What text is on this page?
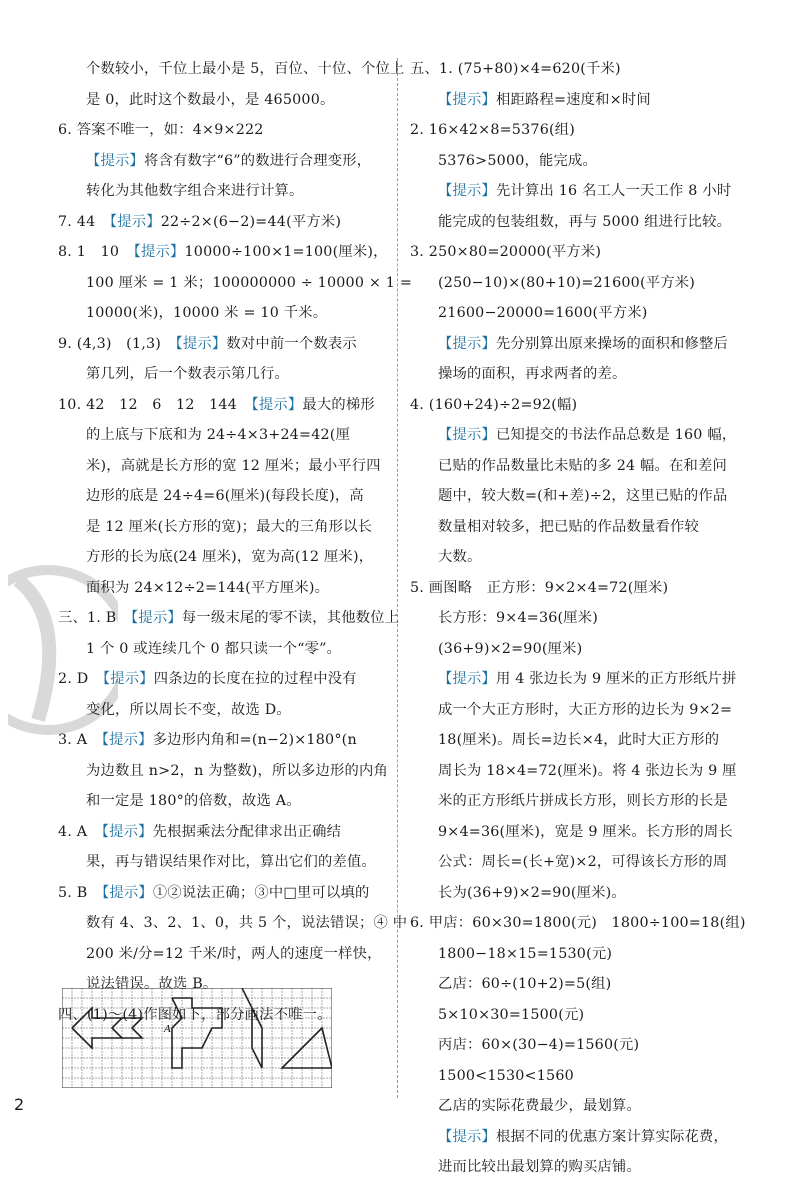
个数较小，千位上最小是 5，百位、十位、个位上
是 0，此时这个数最小，是 465000。
6. 答案不唯一，如：4×9×222
【提示】将含有数字“6”的数进行合理变形，
转化为其他数字组合来进行计算。
7. 44　【提示】22÷2×(6−2)=44(平方米)
8. 1　10　【提示】10000÷100×1=100(厘米)，
100 厘米 = 1 米；100000000 ÷ 10000 × 1 =
10000(米)，10000 米 = 10 千米。
9. (4,3)　(1,3)　【提示】数对中前一个数表示
第几列，后一个数表示第几行。
10. 42　12　6　12　144　【提示】最大的梯形
的上底与下底和为 24÷4×3+24=42(厘
米)，高就是长方形的宽 12 厘米；最小平行四
边形的底是 24÷4=6(厘米)(每段长度)，高
是 12 厘米(长方形的宽)；最大的三角形以长
方形的长为底(24 厘米)，宽为高(12 厘米)，
面积为 24×12÷2=144(平方厘米)。
三、1. B　【提示】每一级末尾的零不读，其他数位上
1 个 0 或连续几个 0 都只读一个“零”。
2. D　【提示】四条边的长度在拉的过程中没有
变化，所以周长不变，故选 D。
3. A　【提示】多边形内角和=(n−2)×180°(n
为边数且 n>2，n 为整数)，所以多边形的内角
和一定是 180°的倍数，故选 A。
4. A　【提示】先根据乘法分配律求出正确结
果，再与错误结果作对比，算出它们的差值。
5. B　【提示】①②说法正确；③中□里可以填的
数有 4、3、2、1、0，共 5 个，说法错误；④ 中
200 米/分=12 千米/时，两人的速度一样快，
说法错误。故选 B。
四、(1)～(4)作图如下，部分画法不唯一。
五、1. (75+80)×4=620(千米)
【提示】相距路程=速度和×时间
2. 16×42×8=5376(组)
5376>5000，能完成。
【提示】先计算出 16 名工人一天工作 8 小时
能完成的包装组数，再与 5000 组进行比较。
3. 250×80=20000(平方米)
(250−10)×(80+10)=21600(平方米)
21600−20000=1600(平方米)
【提示】先分别算出原来操场的面积和修整后
操场的面积，再求两者的差。
4. (160+24)÷2=92(幅)
【提示】已知提交的书法作品总数是 160 幅，
已贴的作品数量比未贴的多 24 幅。在和差问
题中，较大数=(和+差)÷2，这里已贴的作品
数量相对较多，把已贴的作品数量看作较
大数。
5. 画图略　正方形：9×2×4=72(厘米)
长方形：9×4=36(厘米)
(36+9)×2=90(厘米)
【提示】用 4 张边长为 9 厘米的正方形纸片拼
成一个大正方形时，大正方形的边长为 9×2=
18(厘米)。周长=边长×4，此时大正方形的
周长为 18×4=72(厘米)。将 4 张边长为 9 厘
米的正方形纸片拼成长方形，则长方形的长是
9×4=36(厘米)，宽是 9 厘米。长方形的周长
公式：周长=(长+宽)×2，可得该长方形的周
长为(36+9)×2=90(厘米)。
6. 甲店：60×30=1800(元)　1800÷100=18(组)
1800−18×15=1530(元)
乙店：60÷(10+2)=5(组)
5×10×30=1500(元)
丙店：60×(30−4)=1560(元)
1500<1530<1560
乙店的实际花费最少，最划算。
【提示】根据不同的优惠方案计算实际花费，
进而比较出最划算的购买店铺。
A
2
